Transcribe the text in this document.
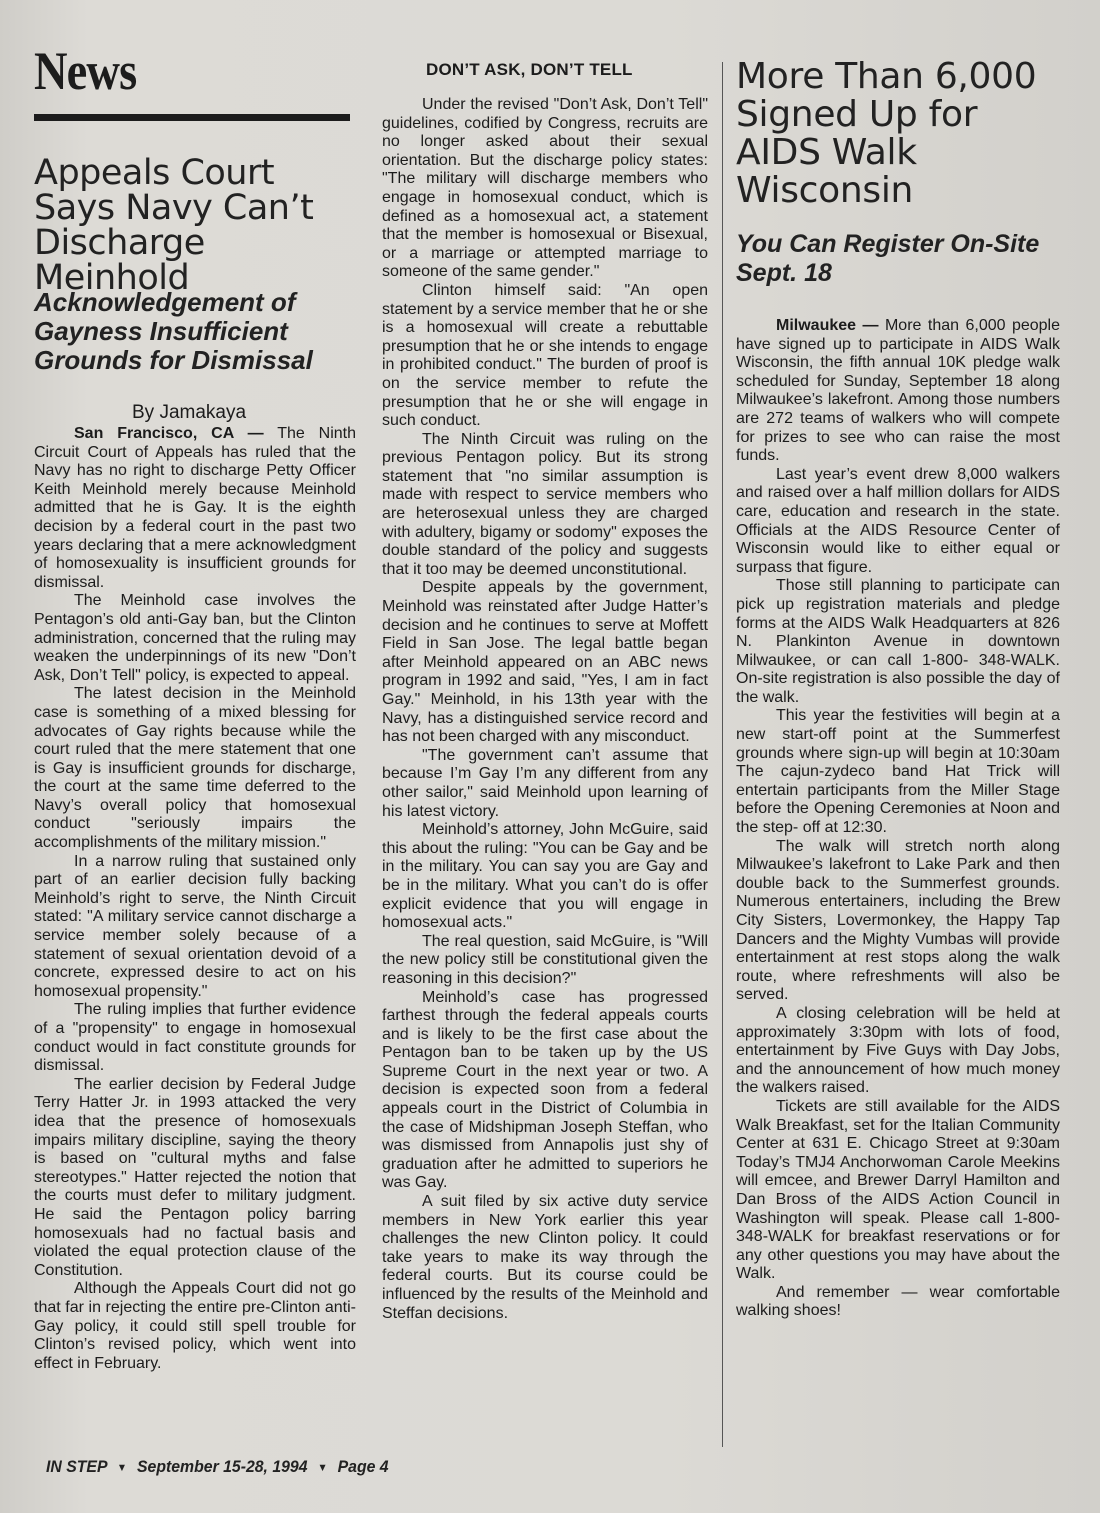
News
Appeals Court Says Navy Can’t Discharge Meinhold
Acknowledgement of Gayness Insufficient Grounds for Dismissal
By Jamakaya

San Francisco, CA — The Ninth Circuit Court of Appeals has ruled that the Navy has no right to discharge Petty Officer Keith Meinhold merely because Meinhold admitted that he is Gay. It is the eighth decision by a federal court in the past two years declaring that a mere acknowledgment of homosexuality is insufficient grounds for dismissal.

The Meinhold case involves the Pentagon’s old anti-Gay ban, but the Clinton administration, concerned that the ruling may weaken the underpinnings of its new "Don’t Ask, Don’t Tell" policy, is expected to appeal.

The latest decision in the Meinhold case is something of a mixed blessing for advocates of Gay rights because while the court ruled that the mere statement that one is Gay is insufficient grounds for discharge, the court at the same time deferred to the Navy’s overall policy that homosexual conduct "seriously impairs the accomplishments of the military mission."

In a narrow ruling that sustained only part of an earlier decision fully backing Meinhold’s right to serve, the Ninth Circuit stated: "A military service cannot discharge a service member solely because of a statement of sexual orientation devoid of a concrete, expressed desire to act on his homosexual propensity."

The ruling implies that further evidence of a "propensity" to engage in homosexual conduct would in fact constitute grounds for dismissal.

The earlier decision by Federal Judge Terry Hatter Jr. in 1993 attacked the very idea that the presence of homosexuals impairs military discipline, saying the theory is based on "cultural myths and false stereotypes." Hatter rejected the notion that the courts must defer to military judgment. He said the Pentagon policy barring homosexuals had no factual basis and violated the equal protection clause of the Constitution.

Although the Appeals Court did not go that far in rejecting the entire pre-Clinton anti-Gay policy, it could still spell trouble for Clinton’s revised policy, which went into effect in February.

DON’T ASK, DON’T TELL

Under the revised "Don’t Ask, Don’t Tell" guidelines, codified by Congress, recruits are no longer asked about their sexual orientation. But the discharge policy states: "The military will discharge members who engage in homosexual conduct, which is defined as a homosexual act, a statement that the member is homosexual or Bisexual, or a marriage or attempted marriage to someone of the same gender."

Clinton himself said: "An open statement by a service member that he or she is a homosexual will create a rebuttable presumption that he or she intends to engage in prohibited conduct." The burden of proof is on the service member to refute the presumption that he or she will engage in such conduct.

The Ninth Circuit was ruling on the previous Pentagon policy. But its strong statement that "no similar assumption is made with respect to service members who are heterosexual unless they are charged with adultery, bigamy or sodomy" exposes the double standard of the policy and suggests that it too may be deemed unconstitutional.

Despite appeals by the government, Meinhold was reinstated after Judge Hatter’s decision and he continues to serve at Moffett Field in San Jose. The legal battle began after Meinhold appeared on an ABC news program in 1992 and said, "Yes, I am in fact Gay." Meinhold, in his 13th year with the Navy, has a distinguished service record and has not been charged with any misconduct.

"The government can’t assume that because I’m Gay I’m any different from any other sailor," said Meinhold upon learning of his latest victory.

Meinhold’s attorney, John McGuire, said this about the ruling: "You can be Gay and be in the military. You can say you are Gay and be in the military. What you can’t do is offer explicit evidence that you will engage in homosexual acts."

The real question, said McGuire, is "Will the new policy still be constitutional given the reasoning in this decision?"

Meinhold’s case has progressed farthest through the federal appeals courts and is likely to be the first case about the Pentagon ban to be taken up by the US Supreme Court in the next year or two. A decision is expected soon from a federal appeals court in the District of Columbia in the case of Midshipman Joseph Steffan, who was dismissed from Annapolis just shy of graduation after he admitted to superiors he was Gay.

A suit filed by six active duty service members in New York earlier this year challenges the new Clinton policy. It could take years to make its way through the federal courts. But its course could be influenced by the results of the Meinhold and Steffan decisions.

More Than 6,000 Signed Up for AIDS Walk Wisconsin
You Can Register On-Site Sept. 18

Milwaukee — More than 6,000 people have signed up to participate in AIDS Walk Wisconsin, the fifth annual 10K pledge walk scheduled for Sunday, September 18 along Milwaukee’s lakefront. Among those numbers are 272 teams of walkers who will compete for prizes to see who can raise the most funds.

Last year’s event drew 8,000 walkers and raised over a half million dollars for AIDS care, education and research in the state. Officials at the AIDS Resource Center of Wisconsin would like to either equal or surpass that figure.

Those still planning to participate can pick up registration materials and pledge forms at the AIDS Walk Headquarters at 826 N. Plankinton Avenue in downtown Milwaukee, or can call 1-800- 348-WALK. On-site registration is also possible the day of the walk.

This year the festivities will begin at a new start-off point at the Summerfest grounds where sign-up will begin at 10:30am The cajun-zydeco band Hat Trick will entertain participants from the Miller Stage before the Opening Ceremonies at Noon and the step- off at 12:30.

The walk will stretch north along Milwaukee’s lakefront to Lake Park and then double back to the Summerfest grounds. Numerous entertainers, including the Brew City Sisters, Lovermonkey, the Happy Tap Dancers and the Mighty Vumbas will provide entertainment at rest stops along the walk route, where refreshments will also be served.

A closing celebration will be held at approximately 3:30pm with lots of food, entertainment by Five Guys with Day Jobs, and the announcement of how much money the walkers raised.

Tickets are still available for the AIDS Walk Breakfast, set for the Italian Community Center at 631 E. Chicago Street at 9:30am Today’s TMJ4 Anchorwoman Carole Meekins will emcee, and Brewer Darryl Hamilton and Dan Bross of the AIDS Action Council in Washington will speak. Please call 1-800-348-WALK for breakfast reservations or for any other questions you may have about the Walk.

And remember — wear comfortable walking shoes!

IN STEP ▼ September 15-28, 1994 ▼ Page 4
